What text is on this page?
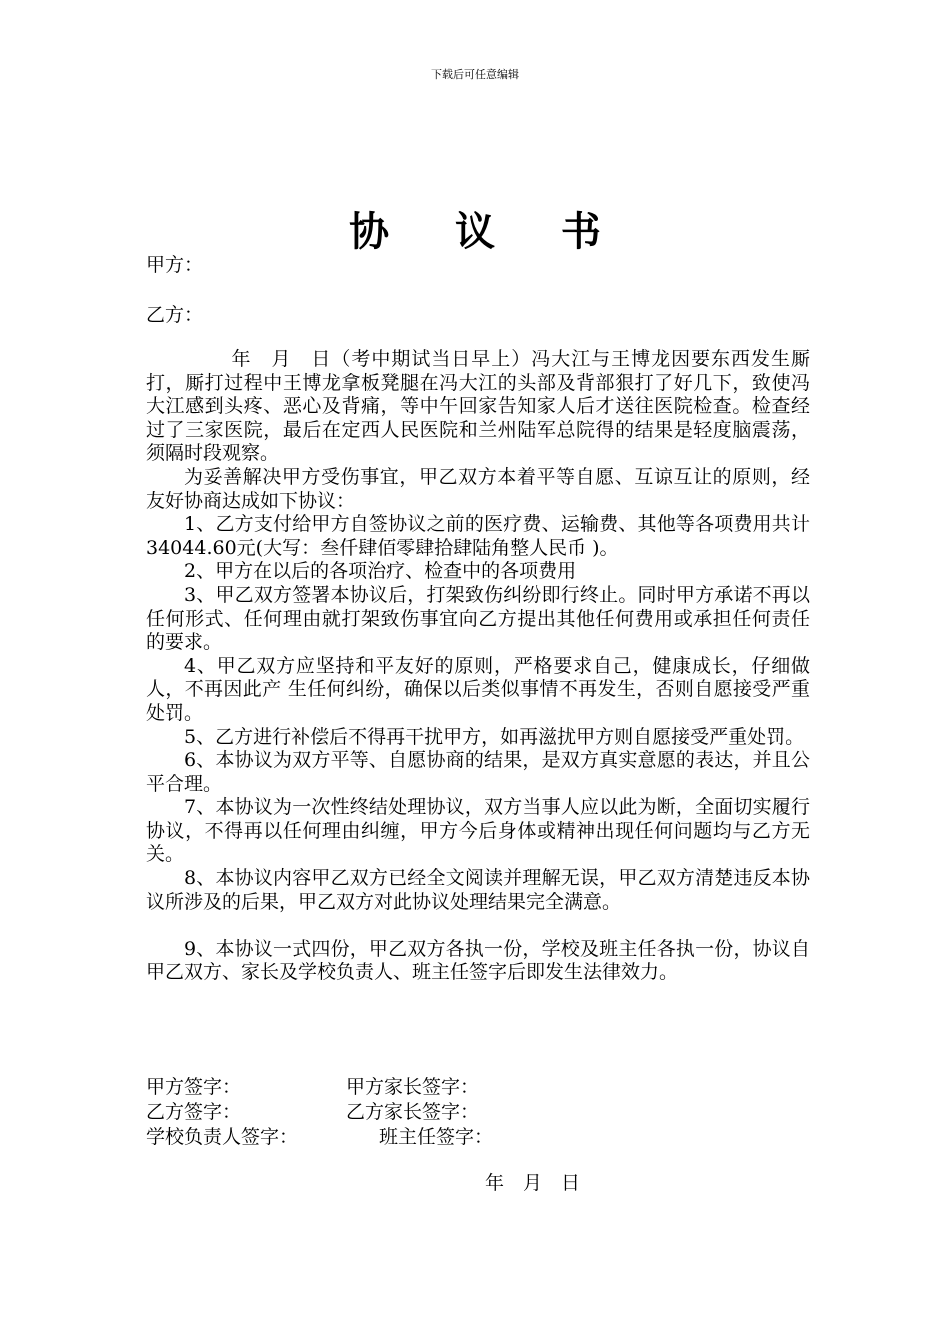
下载后可任意编辑
协 议 书
甲方：
乙方：

年　月　日（考中期试当日早上）冯大江与王博龙因要东西发生厮打，厮打过程中王博龙拿板凳腿在冯大江的头部及背部狠打了好几下，致使冯大江感到头疼、恶心及背痛，等中午回家告知家人后才送往医院检查。检查经过了三家医院，最后在定西人民医院和兰州陆军总院得的结果是轻度脑震荡，须隔时段观察。

为妥善解决甲方受伤事宜，甲乙双方本着平等自愿、互谅互让的原则，经友好协商达成如下协议：

1、乙方支付给甲方自签协议之前的医疗费、运输费、其他等各项费用共计34044.60元(大写：叁仟肆佰零肆拾肆陆角整人民币 )。

2、甲方在以后的各项治疗、检查中的各项费用

3、甲乙双方签署本协议后，打架致伤纠纷即行终止。同时甲方承诺不再以任何形式、任何理由就打架致伤事宜向乙方提出其他任何费用或承担任何责任的要求。

4、甲乙双方应坚持和平友好的原则，严格要求自己，健康成长，仔细做人，不再因此产 生任何纠纷，确保以后类似事情不再发生，否则自愿接受严重处罚。

5、乙方进行补偿后不得再干扰甲方，如再滋扰甲方则自愿接受严重处罚。

6、本协议为双方平等、自愿协商的结果，是双方真实意愿的表达，并且公平合理。

7、本协议为一次性终结处理协议，双方当事人应以此为断，全面切实履行协议，不得再以任何理由纠缠，甲方今后身体或精神出现任何问题均与乙方无关。

8、本协议内容甲乙双方已经全文阅读并理解无误，甲乙双方清楚违反本协议所涉及的后果，甲乙双方对此协议处理结果完全满意。

9、本协议一式四份，甲乙双方各执一份，学校及班主任各执一份，协议自甲乙双方、家长及学校负责人、班主任签字后即发生法律效力。

甲方签字：	甲方家长签字：
乙方签字：	乙方家长签字：
学校负责人签字：	班主任签字：
年　月　日
